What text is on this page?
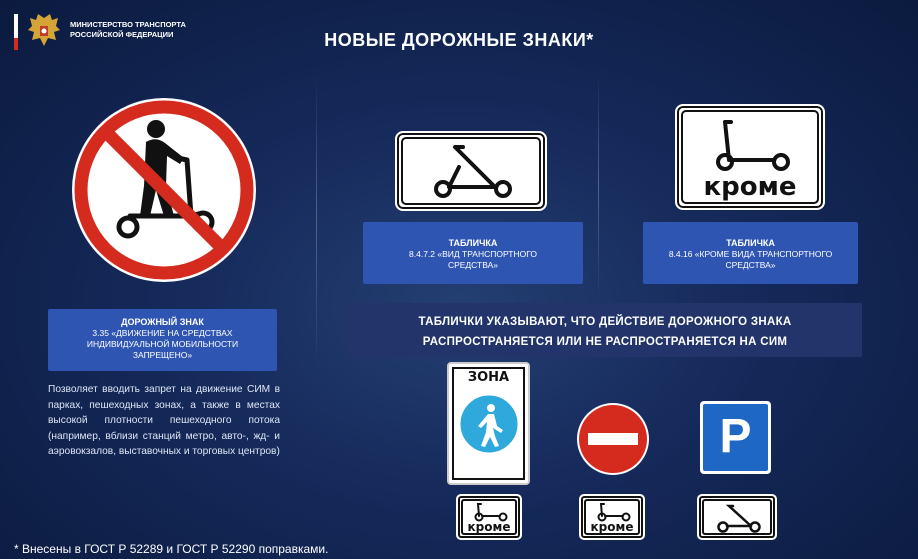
МИНИСТЕРСТВО ТРАНСПОРТА
РОССИЙСКОЙ ФЕДЕРАЦИИ	НОВЫЕ ДОРОЖНЫЕ ЗНАКИ*
ДОРОЖНЫЙ ЗНАК
3.35 «ДВИЖЕНИЕ НА СРЕДСТВАХ
ИНДИВИДУАЛЬНОЙ МОБИЛЬНОСТИ
ЗАПРЕЩЕНО»
Позволяет вводить запрет на движение СИМ в парках, пешеходных зонах, а также в местах высокой плотности пешеходного потока (например, вблизи станций метро, авто-, жд- и аэровокзалов, выставочных и торговых центров)
ТАБЛИЧКА
8.4.7.2 «ВИД ТРАНСПОРТНОГО
СРЕДСТВА»
кроме
ТАБЛИЧКА
8.4.16 «КРОМЕ ВИДА ТРАНСПОРТНОГО
СРЕДСТВА»
ТАБЛИЧКИ УКАЗЫВАЮТ, ЧТО ДЕЙСТВИЕ ДОРОЖНОГО ЗНАКА
РАСПРОСТРАНЯЕТСЯ ИЛИ НЕ РАСПРОСТРАНЯЕТСЯ НА СИМ
ЗОНА
P
кроме	кроме
* Внесены в ГОСТ Р 52289 и ГОСТ Р 52290 поправками.
